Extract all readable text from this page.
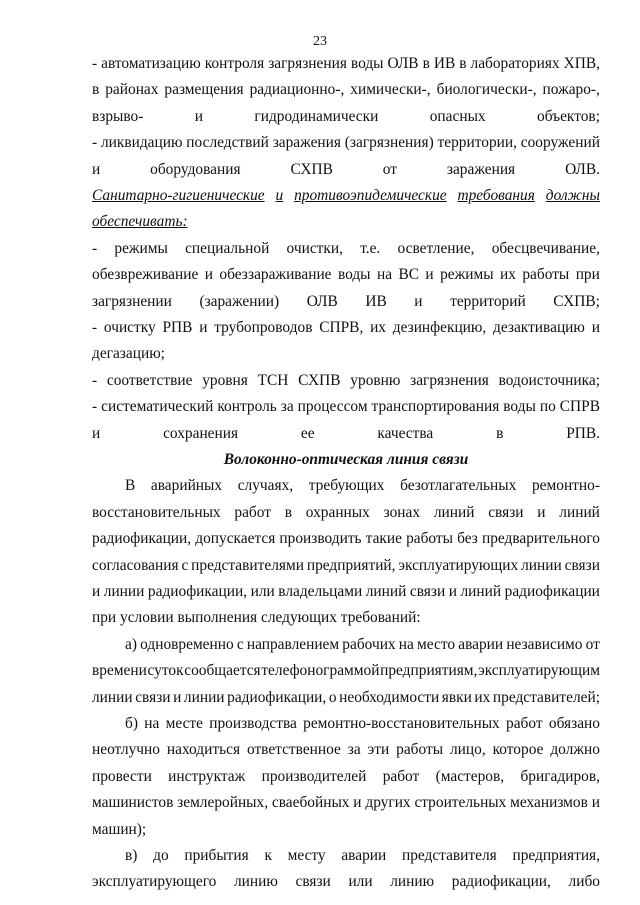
23
- автоматизацию контроля загрязнения воды ОЛВ в ИВ в лабораториях ХПВ,
в районах размещения радиационно-, химически-, биологически-, пожаро-,
взрыво-	и	гидродинамически	опасных	объектов;
- ликвидацию последствий заражения (загрязнения) территории, сооружений
и	оборудования	СХПВ	от	заражения	ОЛВ.
Санитарно-гигиенические и противоэпидемические требования должны
обеспечивать:
- режимы специальной очистки, т.е. осветление, обесцвечивание,
обезвреживание и обеззараживание воды на ВС и режимы их работы при
загрязнении (заражении) ОЛВ ИВ и территорий СХПВ;
- очистку РПВ и трубопроводов СПРВ, их дезинфекцию, дезактивацию и
дегазацию;
- соответствие уровня ТСН СХПВ уровню загрязнения водоисточника;
- систематический контроль за процессом транспортирования воды по СПРВ
и	сохранения	ее	качества	в	РПВ.
Волоконно-оптическая линия связи
В аварийных случаях, требующих безотлагательных ремонтно-
восстановительных работ в охранных зонах линий связи и линий
радиофикации, допускается производить такие работы без предварительного
согласования с представителями предприятий, эксплуатирующих линии связи
и линии радиофикации, или владельцами линий связи и линий радиофикации
при условии выполнения следующих требований:
а) одновременно с направлением рабочих на место аварии независимо от
времени суток сообщается телефонограммой предприятиям, эксплуатирующим
линии связи и линии радиофикации, о необходимости явки их представителей;
б) на месте производства ремонтно-восстановительных работ обязано
неотлучно находиться ответственное за эти работы лицо, которое должно
провести инструктаж производителей работ (мастеров, бригадиров,
машинистов землеройных, сваебойных и других строительных механизмов и
машин);
в) до прибытия к месту аварии представителя предприятия,
эксплуатирующего линию связи или линию радиофикации, либо
